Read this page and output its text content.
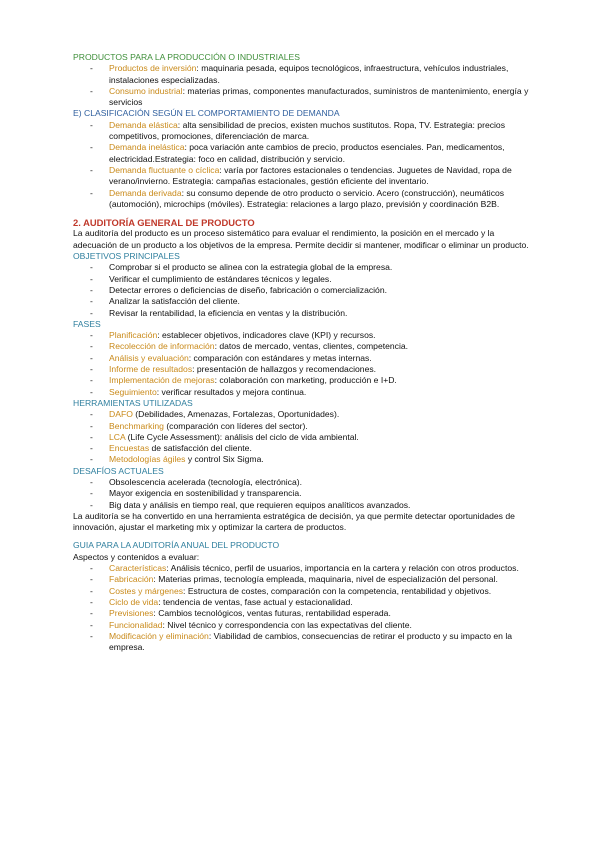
PRODUCTOS PARA LA PRODUCCIÓN O INDUSTRIALES
- Productos de inversión: maquinaria pesada, equipos tecnológicos, infraestructura, vehículos industriales, instalaciones especializadas.
- Consumo industrial: materias primas, componentes manufacturados, suministros de mantenimiento, energía y servicios
E) CLASIFICACIÓN SEGÚN EL COMPORTAMIENTO DE DEMANDA
- Demanda elástica: alta sensibilidad de precios, existen muchos sustitutos. Ropa, TV. Estrategia: precios competitivos, promociones, diferenciación de marca.
- Demanda inelástica: poca variación ante cambios de precio, productos esenciales. Pan, medicamentos, electricidad.Estrategia: foco en calidad, distribución y servicio.
- Demanda fluctuante o cíclica: varía por factores estacionales o tendencias. Juguetes de Navidad, ropa de verano/invierno. Estrategia: campañas estacionales, gestión eficiente del inventario.
- Demanda derivada: su consumo depende de otro producto o servicio. Acero (construcción), neumáticos (automoción), microchips (móviles). Estrategia: relaciones a largo plazo, previsión y coordinación B2B.
2. AUDITORÍA GENERAL DE PRODUCTO

La auditoría del producto es un proceso sistemático para evaluar el rendimiento, la posición en el mercado y la adecuación de un producto a los objetivos de la empresa. Permite decidir si mantener, modificar o eliminar un producto.

OBJETIVOS PRINCIPALES
- Comprobar si el producto se alinea con la estrategia global de la empresa.
- Verificar el cumplimiento de estándares técnicos y legales.
- Detectar errores o deficiencias de diseño, fabricación o comercialización.
- Analizar la satisfacción del cliente.
- Revisar la rentabilidad, la eficiencia en ventas y la distribución.
FASES
- Planificación: establecer objetivos, indicadores clave (KPI) y recursos.
- Recolección de información: datos de mercado, ventas, clientes, competencia.
- Análisis y evaluación: comparación con estándares y metas internas.
- Informe de resultados: presentación de hallazgos y recomendaciones.
- Implementación de mejoras: colaboración con marketing, producción e I+D.
- Seguimiento: verificar resultados y mejora continua.
HERRAMIENTAS UTILIZADAS
- DAFO (Debilidades, Amenazas, Fortalezas, Oportunidades).
- Benchmarking (comparación con líderes del sector).
- LCA (Life Cycle Assessment): análisis del ciclo de vida ambiental.
- Encuestas de satisfacción del cliente.
- Metodologías ágiles y control Six Sigma.
DESAFÍOS ACTUALES
- Obsolescencia acelerada (tecnología, electrónica).
- Mayor exigencia en sostenibilidad y transparencia.
- Big data y análisis en tiempo real, que requieren equipos analíticos avanzados.

La auditoría se ha convertido en una herramienta estratégica de decisión, ya que permite detectar oportunidades de innovación, ajustar el marketing mix y optimizar la cartera de productos.

GUIA PARA LA AUDITORÍA ANUAL DEL PRODUCTO

Aspectos y contenidos a evaluar:

- Características: Análisis técnico, perfil de usuarios, importancia en la cartera y relación con otros productos.
- Fabricación: Materias primas, tecnología empleada, maquinaria, nivel de especialización del personal.
- Costes y márgenes: Estructura de costes, comparación con la competencia, rentabilidad y objetivos.
- Ciclo de vida: tendencia de ventas, fase actual y estacionalidad.
- Previsiones: Cambios tecnológicos, ventas futuras, rentabilidad esperada.
- Funcionalidad: Nivel técnico y correspondencia con las expectativas del cliente.
- Modificación y eliminación: Viabilidad de cambios, consecuencias de retirar el producto y su impacto en la empresa.
